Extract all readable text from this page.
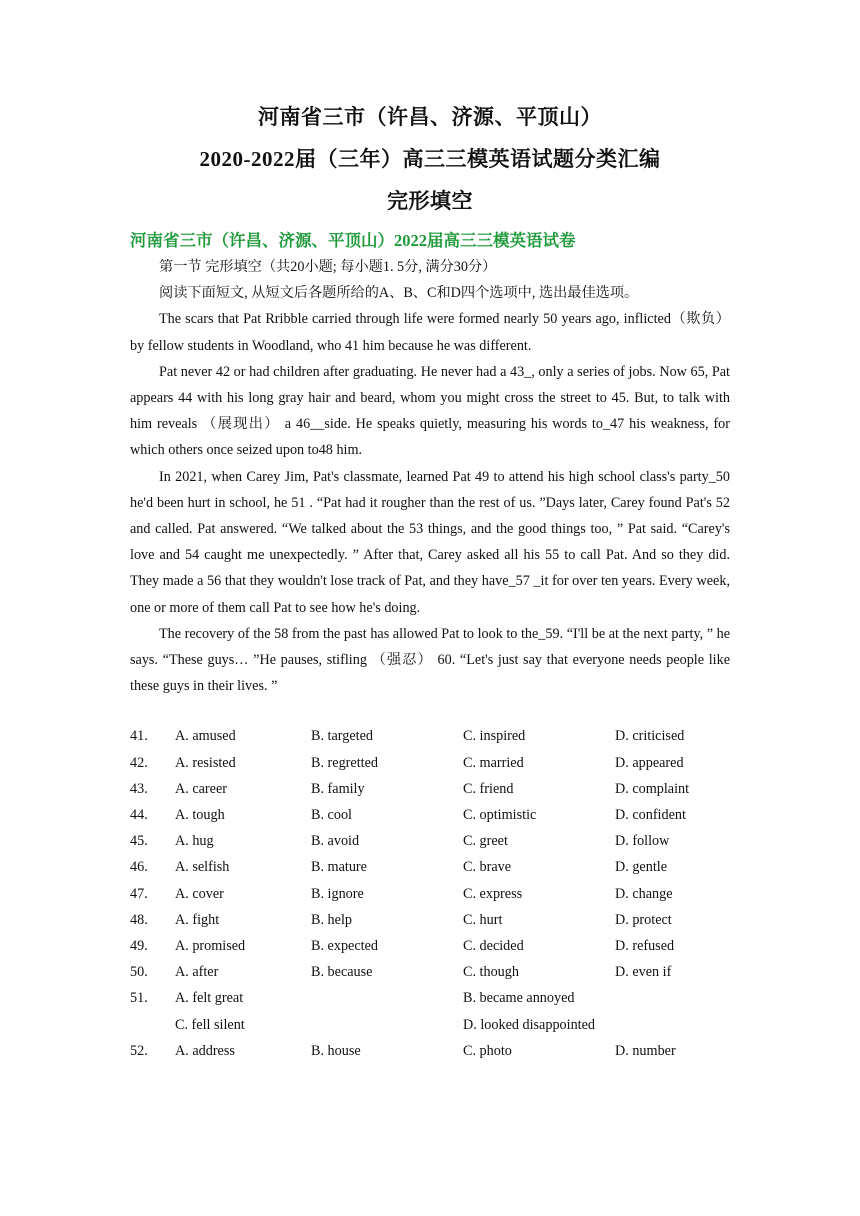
河南省三市（许昌、济源、平顶山）
2020-2022届（三年）高三三模英语试题分类汇编
完形填空
河南省三市（许昌、济源、平顶山）2022届高三三模英语试卷
第一节 完形填空（共20小题; 每小题1. 5分, 满分30分）
阅读下面短文, 从短文后各题所给的A、B、C和D四个选项中, 选出最佳选项。
The scars that Pat Rribble carried through life were formed nearly 50 years ago, inflicted（欺负） by fellow students in Woodland, who 41 him because he was different.
Pat never 42 or had children after graduating. He never had a 43_, only a series of jobs. Now 65, Pat appears 44 with his long gray hair and beard, whom you might cross the street to 45. But, to talk with him reveals （展现出） a 46__side. He speaks quietly, measuring his words to_47 his weakness, for which others once seized upon to48 him.
In 2021, when Carey Jim, Pat's classmate, learned Pat 49 to attend his high school class's party_50 he'd been hurt in school, he 51 . “Pat had it rougher than the rest of us. ”Days later, Carey found Pat's 52 and called. Pat answered. “We talked about the 53 things, and the good things too, ” Pat said. “Carey's love and 54 caught me unexpectedly. ” After that, Carey asked all his 55 to call Pat. And so they did. They made a 56 that they wouldn't lose track of Pat, and they have_57 _it for over ten years. Every week, one or more of them call Pat to see how he's doing.
The recovery of the 58 from the past has allowed Pat to look to the_59. “I'll be at the next party, ” he says. “These guys… ”He pauses, stifling （强忍） 60. “Let's just say that everyone needs people like these guys in their lives. ”
41.	A. amused	B. targeted	C. inspired	D. criticised
42.	A. resisted	B. regretted	C. married	D. appeared
43.	A. career	B. family	C. friend	D. complaint
44.	A. tough	B. cool	C. optimistic	D. confident
45.	A. hug	B. avoid	C. greet	D. follow
46.	A. selfish	B. mature	C. brave	D. gentle
47.	A. cover	B. ignore	C. express	D. change
48.	A. fight	B. help	C. hurt	D. protect
49.	A. promised	B. expected	C. decided	D. refused
50.	A. after	B. because	C. though	D. even if
51.	A. felt great	B. became annoyed
C. fell silent	D. looked disappointed
52.	A. address	B. house	C. photo	D. number
